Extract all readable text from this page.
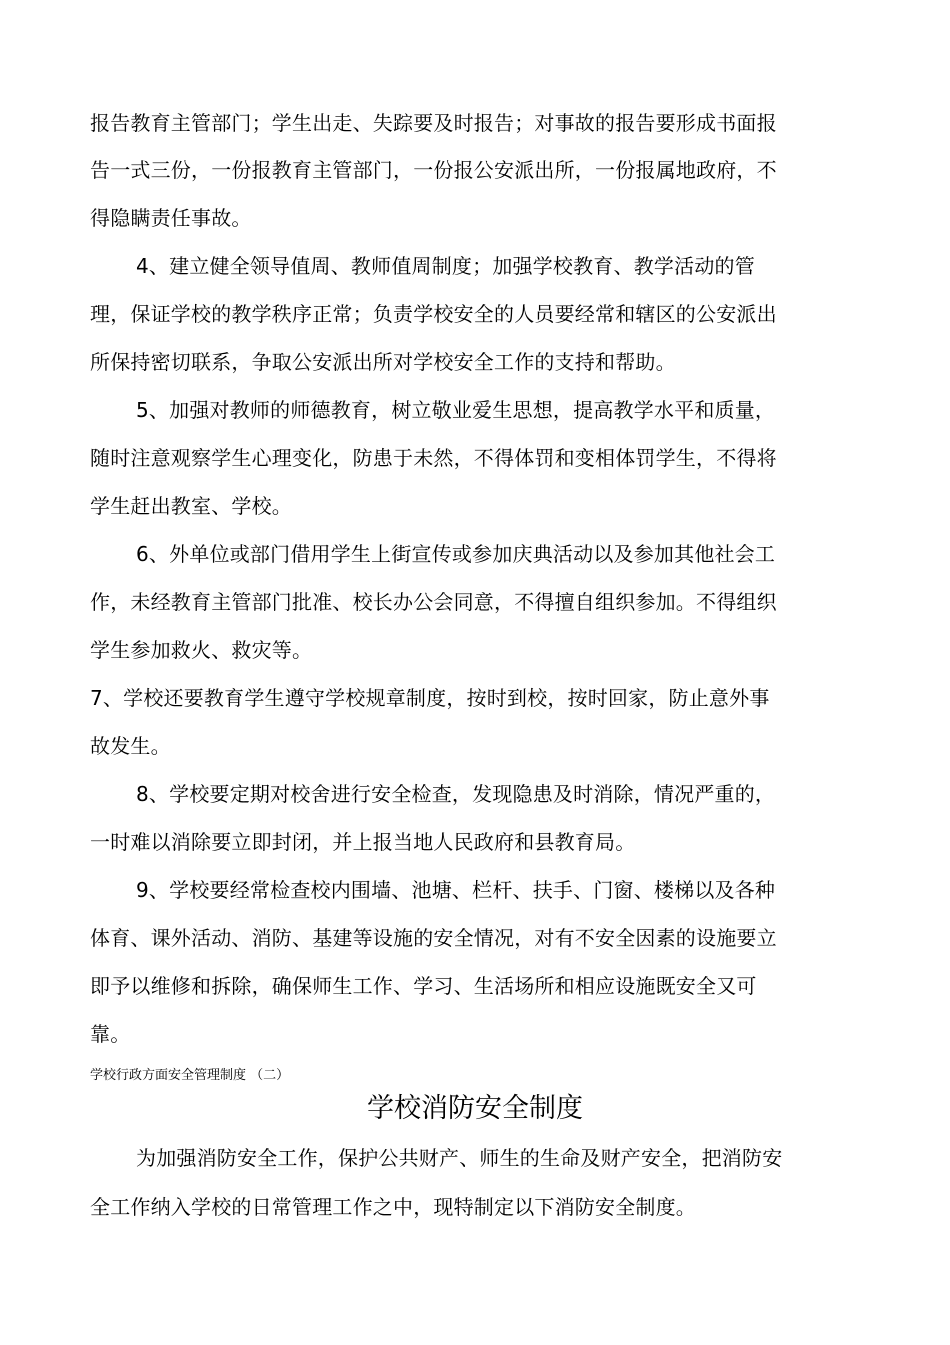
报告教育主管部门；学生出走、失踪要及时报告；对事故的报告要形成书面报
告一式三份，一份报教育主管部门，一份报公安派出所，一份报属地政府，不
得隐瞒责任事故。
4、建立健全领导值周、教师值周制度；加强学校教育、教学活动的管
理，保证学校的教学秩序正常；负责学校安全的人员要经常和辖区的公安派出
所保持密切联系，争取公安派出所对学校安全工作的支持和帮助。
5、加强对教师的师德教育，树立敬业爱生思想，提高教学水平和质量，
随时注意观察学生心理变化，防患于未然，不得体罚和变相体罚学生，不得将
学生赶出教室、学校。
6、外单位或部门借用学生上街宣传或参加庆典活动以及参加其他社会工
作，未经教育主管部门批准、校长办公会同意，不得擅自组织参加。不得组织
学生参加救火、救灾等。
7、学校还要教育学生遵守学校规章制度，按时到校，按时回家，防止意外事
故发生。
8、学校要定期对校舍进行安全检查，发现隐患及时消除，情况严重的，
一时难以消除要立即封闭，并上报当地人民政府和县教育局。
9、学校要经常检查校内围墙、池塘、栏杆、扶手、门窗、楼梯以及各种
体育、课外活动、消防、基建等设施的安全情况，对有不安全因素的设施要立
即予以维修和拆除，确保师生工作、学习、生活场所和相应设施既安全又可
靠。
学校行政方面安全管理制度 （二）
学校消防安全制度
为加强消防安全工作，保护公共财产、师生的生命及财产安全，把消防安
全工作纳入学校的日常管理工作之中，现特制定以下消防安全制度。
